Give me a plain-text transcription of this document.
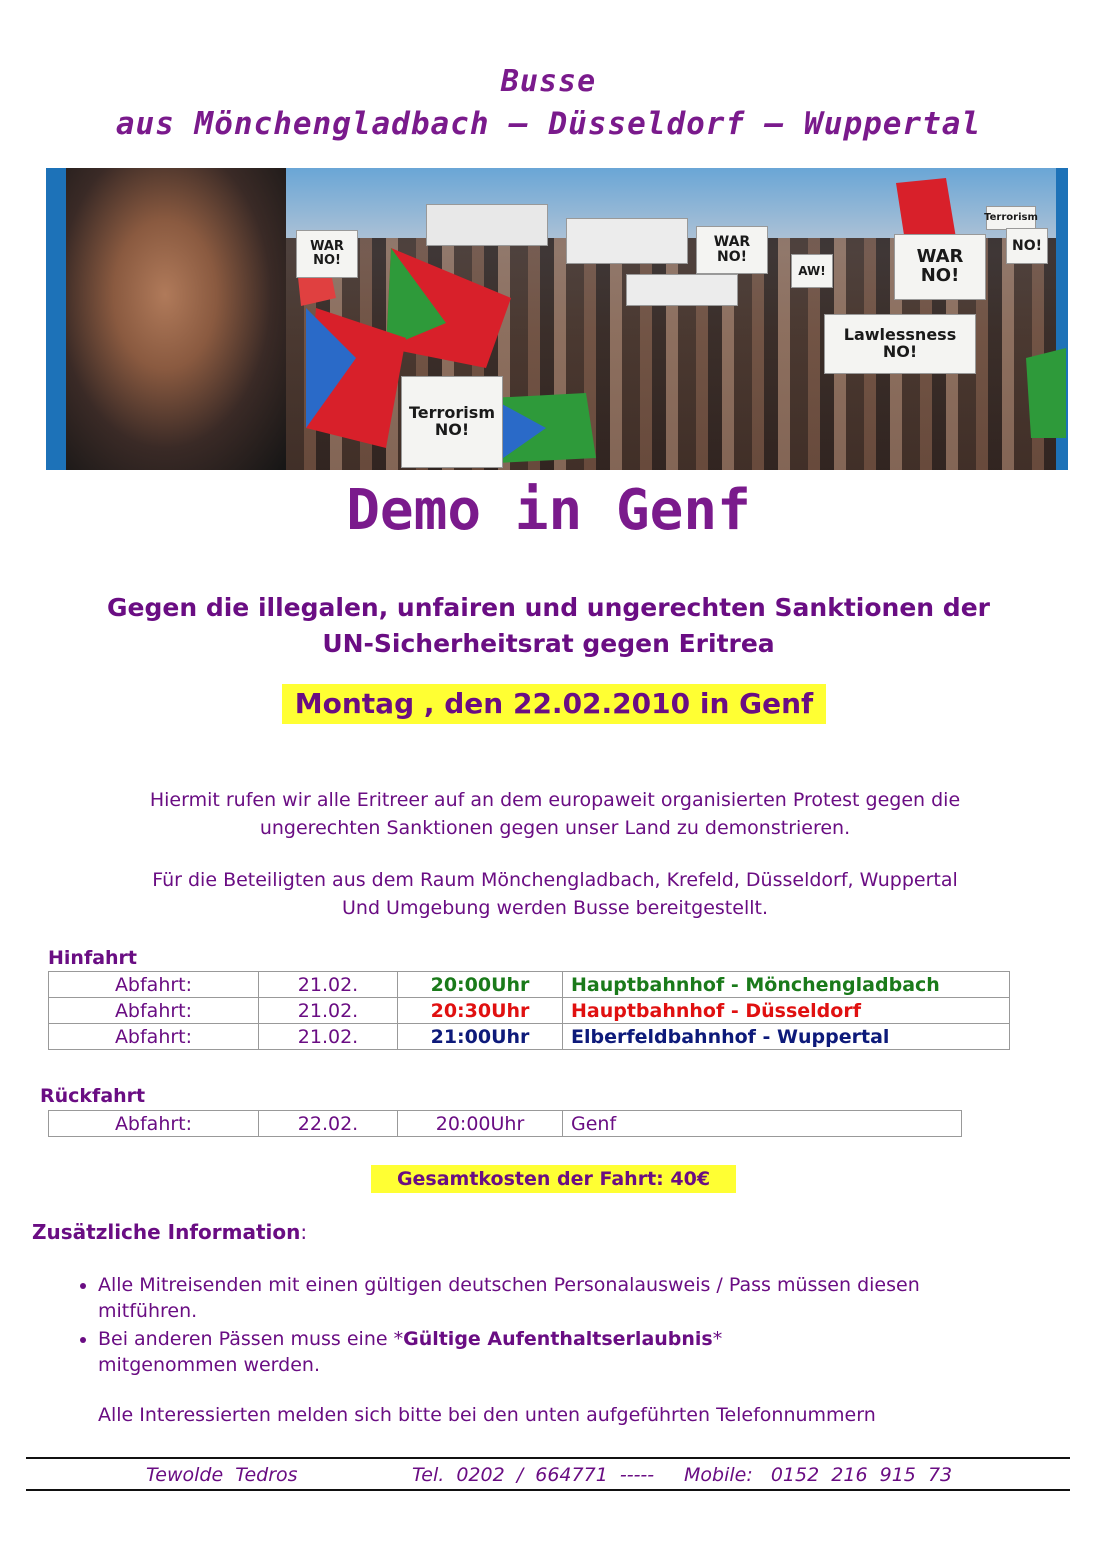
Busse
aus Mönchengladbach – Düsseldorf – Wuppertal
WAR NO!
Lawlessness NO!
Terrorism NO!
WAR NO!	WAR NO!
Terrorism
NO!
AW!
Demo in Genf
Gegen die illegalen, unfairen und ungerechten Sanktionen der
UN-Sicherheitsrat gegen Eritrea
Montag , den 22.02.2010 in Genf
Hiermit rufen wir alle Eritreer auf an dem europaweit organisierten Protest gegen die
ungerechten Sanktionen gegen unser Land zu demonstrieren.
Für die Beteiligten aus dem Raum Mönchengladbach, Krefeld, Düsseldorf, Wuppertal
Und Umgebung werden Busse bereitgestellt.
Hinfahrt
Abfahrt:	21.02.	20:00Uhr	Hauptbahnhof - Mönchengladbach
Abfahrt:	21.02.	20:30Uhr	Hauptbahnhof - Düsseldorf
Abfahrt:	21.02.	21:00Uhr	Elberfeldbahnhof - Wuppertal
Rückfahrt
Abfahrt:	22.02.	20:00Uhr	Genf
Gesamtkosten der Fahrt: 40€
Zusätzliche Information:
• Alle Mitreisenden mit einen gültigen deutschen Personalausweis / Pass müssen diesen
mitführen.
• Bei anderen Pässen muss eine *Gültige Aufenthaltserlaubnis*
mitgenommen werden.
Alle Interessierten melden sich bitte bei den unten aufgeführten Telefonnummern
Tewolde  Tedros	Tel.  0202  /  664771  ----- Mobile:   0152  216  915  73
